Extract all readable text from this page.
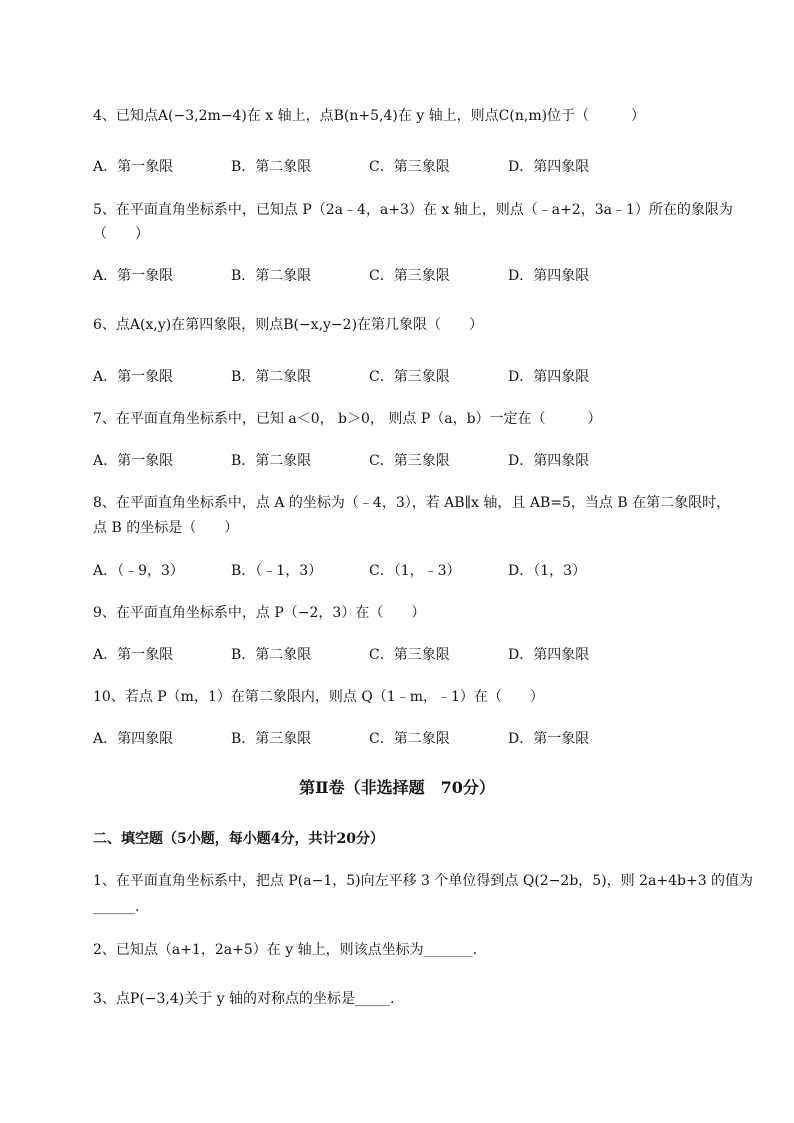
4、已知点A(−3,2m−4)在 x 轴上，点B(n+5,4)在 y 轴上，则点C(n,m)位于（　　　）
A．第一象限	B．第二象限	C．第三象限	D．第四象限
5、在平面直角坐标系中，已知点 P（2a﹣4，a+3）在 x 轴上，则点（﹣a+2，3a﹣1）所在的象限为
（　　）
A．第一象限	B．第二象限	C．第三象限	D．第四象限
6、点A(x,y)在第四象限，则点B(−x,y−2)在第几象限（　　）
A．第一象限	B．第二象限	C．第三象限	D．第四象限
7、在平面直角坐标系中，已知 a＜0， b＞0， 则点 P（a，b）一定在（　　　）
A．第一象限	B．第二象限	C．第三象限	D．第四象限
8、在平面直角坐标系中，点 A 的坐标为（﹣4，3），若 AB∥x 轴，且 AB=5，当点 B 在第二象限时，
点 B 的坐标是（　　）
A．（﹣9，3）	B．（﹣1，3）	C．（1，﹣3）	D．（1，3）
9、在平面直角坐标系中，点 P（−2，3）在（　　）
A．第一象限	B．第二象限	C．第三象限	D．第四象限
10、若点 P（m，1）在第二象限内，则点 Q（1﹣m，﹣1）在（　　）
A．第四象限	B．第三象限	C．第二象限	D．第一象限
第Ⅱ卷（非选择题　70分）
二、填空题（5小题，每小题4分，共计20分）
1、在平面直角坐标系中，把点 P(a−1，5)向左平移 3 个单位得到点 Q(2−2b，5)，则 2a+4b+3 的值为
______.
2、已知点（a+1，2a+5）在 y 轴上，则该点坐标为_______.
3、点P(−3,4)关于 y 轴的对称点的坐标是_____.
